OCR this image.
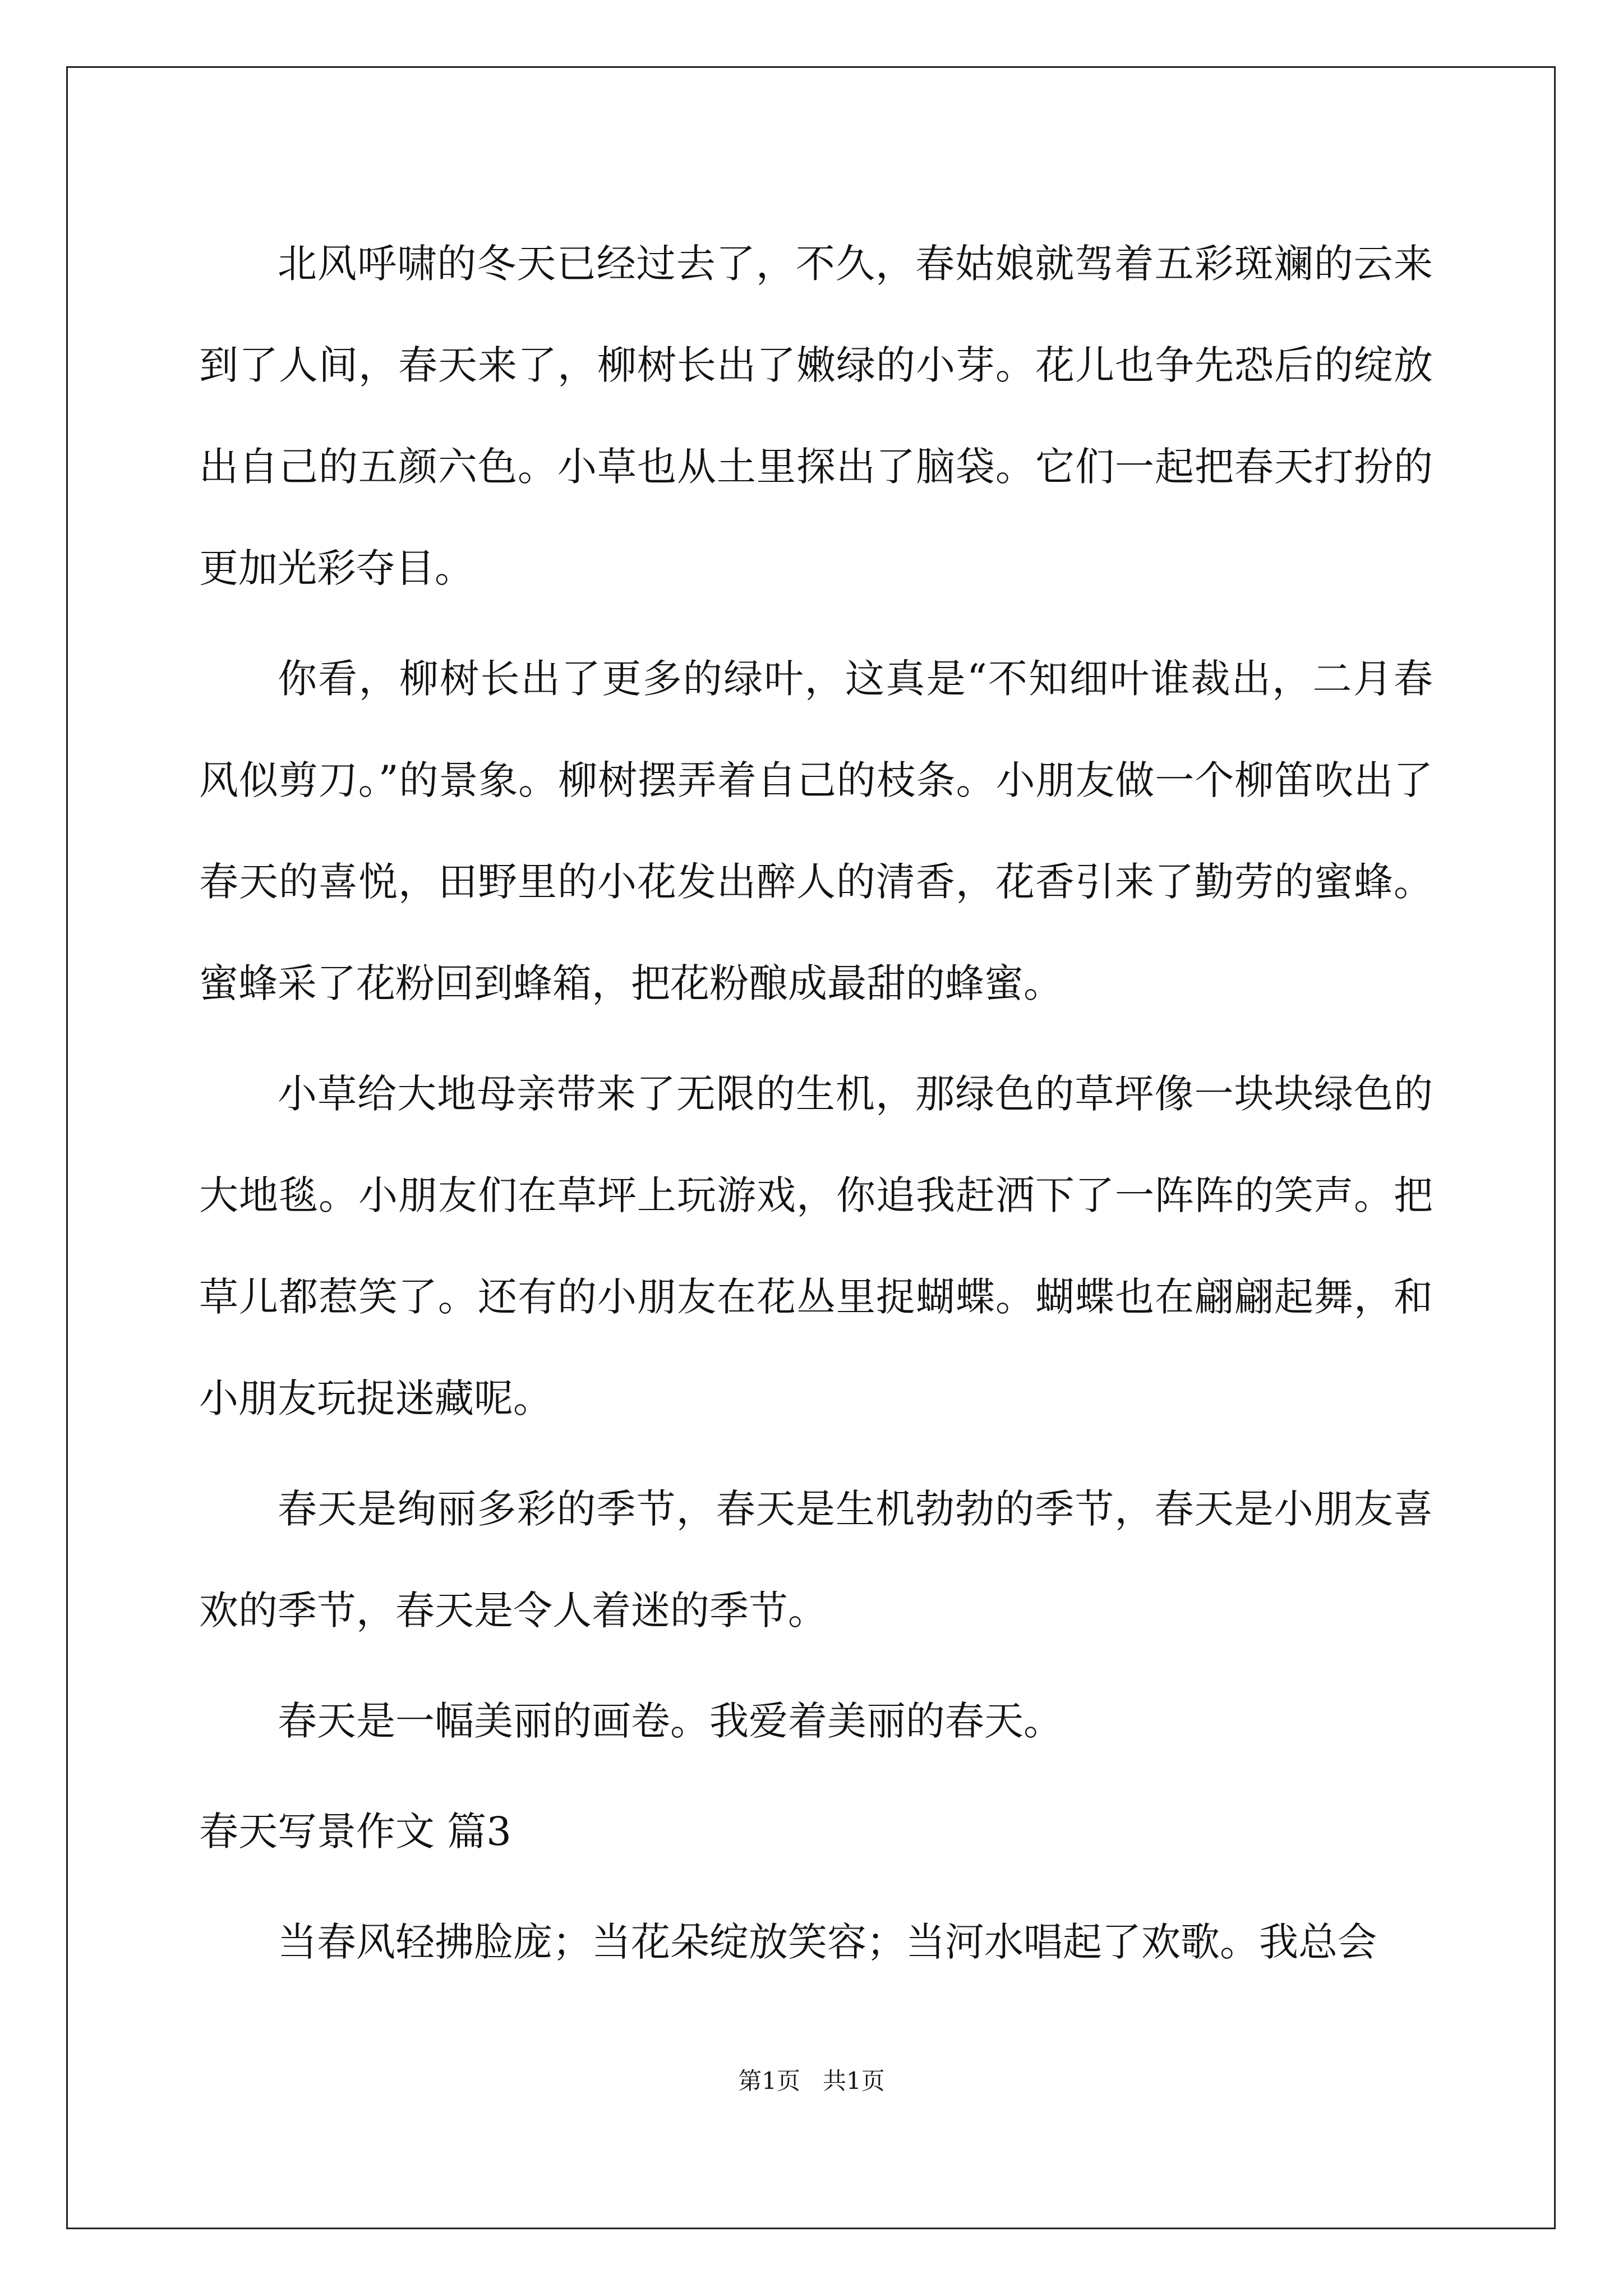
北风呼啸的冬天已经过去了，不久，春姑娘就驾着五彩斑斓的云来到了人间，春天来了，柳树长出了嫩绿的小芽。花儿也争先恐后的绽放出自己的五颜六色。小草也从土里探出了脑袋。它们一起把春天打扮的更加光彩夺目。

你看，柳树长出了更多的绿叶，这真是“不知细叶谁裁出，二月春风似剪刀。”的景象。柳树摆弄着自己的枝条。小朋友做一个柳笛吹出了春天的喜悦，田野里的小花发出醉人的清香，花香引来了勤劳的蜜蜂。蜜蜂采了花粉回到蜂箱，把花粉酿成最甜的蜂蜜。

小草给大地母亲带来了无限的生机，那绿色的草坪像一块块绿色的大地毯。小朋友们在草坪上玩游戏，你追我赶洒下了一阵阵的笑声。把草儿都惹笑了。还有的小朋友在花丛里捉蝴蝶。蝴蝶也在翩翩起舞，和小朋友玩捉迷藏呢。

春天是绚丽多彩的季节，春天是生机勃勃的季节，春天是小朋友喜欢的季节，春天是令人着迷的季节。

春天是一幅美丽的画卷。我爱着美丽的春天。

春天写景作文 篇3

当春风轻拂脸庞；当花朵绽放笑容；当河水唱起了欢歌。我总会

第1页   共1页
